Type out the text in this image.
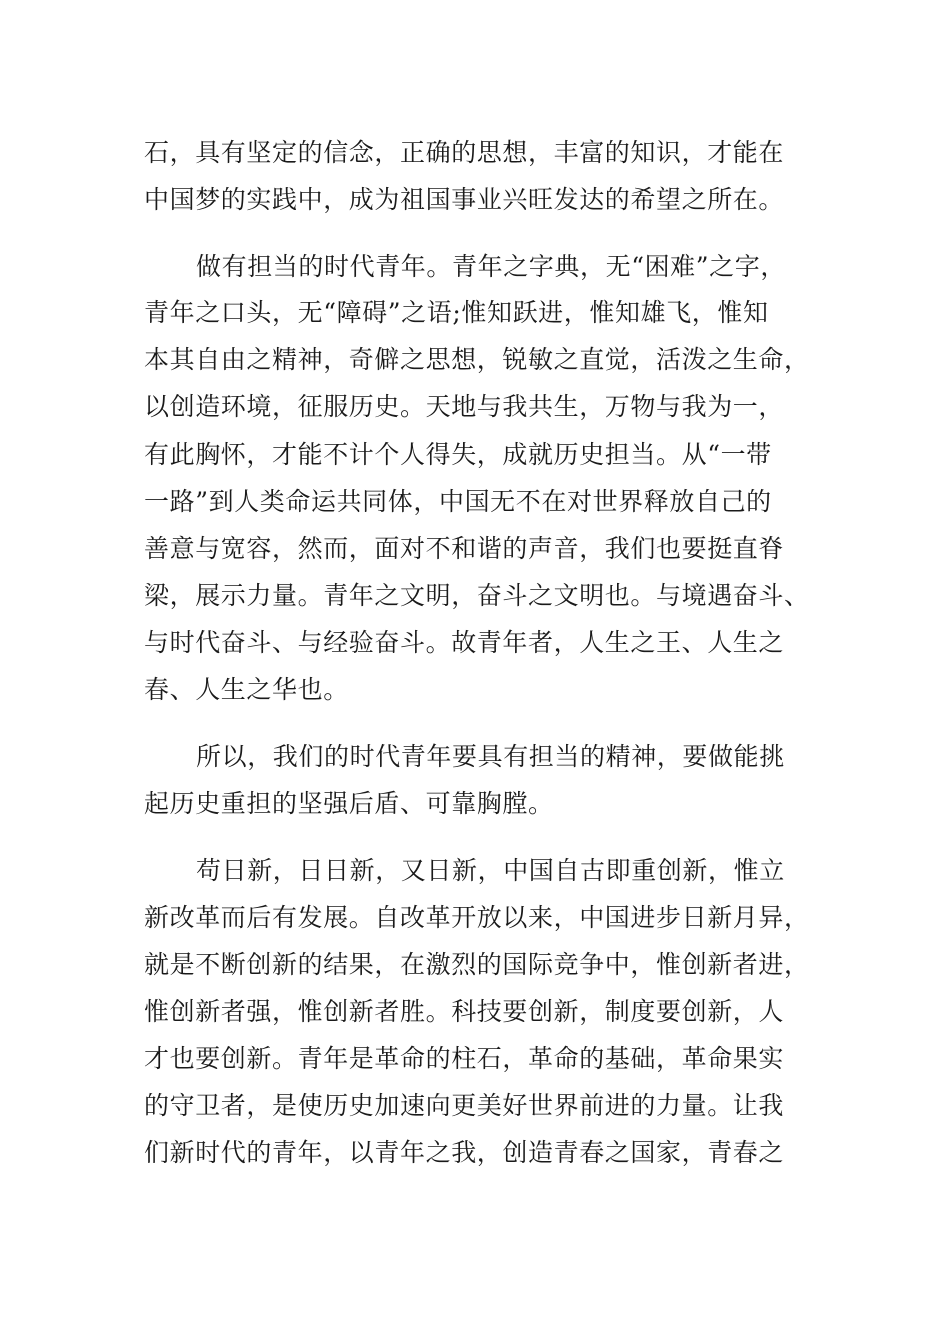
石，具有坚定的信念，正确的思想，丰富的知识，才能在
中国梦的实践中，成为祖国事业兴旺发达的希望之所在。
做有担当的时代青年。青年之字典，无“困难”之字，
青年之口头，无“障碍”之语;惟知跃进，惟知雄飞，惟知
本其自由之精神，奇僻之思想，锐敏之直觉，活泼之生命，
以创造环境，征服历史。天地与我共生，万物与我为一，
有此胸怀，才能不计个人得失，成就历史担当。从“一带
一路”到人类命运共同体，中国无不在对世界释放自己的
善意与宽容，然而，面对不和谐的声音，我们也要挺直脊
梁，展示力量。青年之文明，奋斗之文明也。与境遇奋斗、
与时代奋斗、与经验奋斗。故青年者，人生之王、人生之
春、人生之华也。
所以，我们的时代青年要具有担当的精神，要做能挑
起历史重担的坚强后盾、可靠胸膛。
苟日新，日日新，又日新，中国自古即重创新，惟立
新改革而后有发展。自改革开放以来，中国进步日新月异，
就是不断创新的结果，在激烈的国际竞争中，惟创新者进，
惟创新者强，惟创新者胜。科技要创新，制度要创新，人
才也要创新。青年是革命的柱石，革命的基础，革命果实
的守卫者，是使历史加速向更美好世界前进的力量。让我
们新时代的青年，以青年之我，创造青春之国家，青春之
